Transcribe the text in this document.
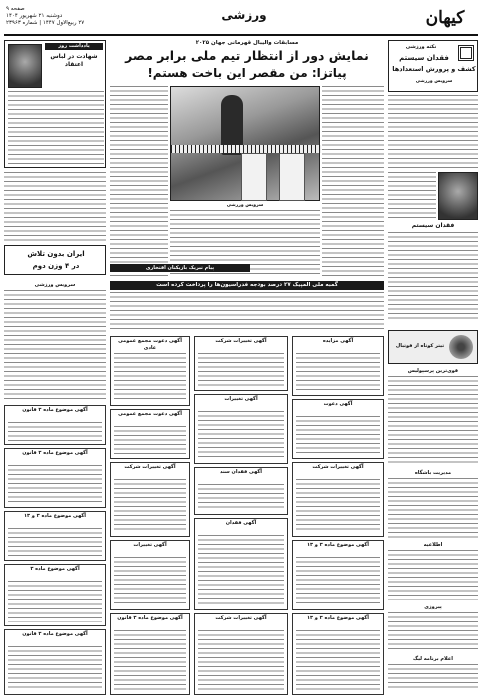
کیهان
ورزشی
صفحه ۹
دوشنبه ۲۱ شهریور ۱۴۰۴
۲۷ ربیع‌الاول ۱۴۴۷ | شماره ۲۳۹۶۳
نکته ورزشی
فقدان سیستم
کشف و پرورش استعدادها
سرویس ورزشی
فقدان سیستم
تیتر کوتاه از فوتبال
قوی‌ترین پرسپولیس
مدیریت باشگاه
اطلاعیه
پیروزی
اعلام برنامه لیگ
مسابقات والیبال قهرمانی جهان ۲۰۲۵
نمایش دور از انتظار تیم ملی برابر مصر
پیاتزا: من مقصر این باخت هستم!
سرویس ورزشی
یادداشت روز
شهادت در لباس اعتقاد
ایران بدون تلاش
در ۴ وزن دوم
گمبه ملی المپیک ۲۷ درصد بودجه فدراسیون‌ها را پرداخت کرده است
پیام تبریک بازیکنان افتخاری
سرویس ورزشی
آگهی موضوع ماده ۳ قانون
آگهی موضوع ماده ۳ قانون
آگهی موضوع ماده ۳ و ۱۳
آگهی موضوع ماده ۳
آگهی موضوع ماده ۳ قانون
آگهی دعوت مجمع عمومی عادی
آگهی تغییرات شرکت	آگهی مزایده
آگهی دعوت مجمع عمومی
آگهی تغییرات
آگهی دعوت
آگهی تغییرات شرکت
آگهی فقدان سند
آگهی تغییرات شرکت
آگهی تغییرات
آگهی فقدان
آگهی موضوع ماده ۳ و ۱۳
آگهی موضوع ماده ۳ قانون	آگهی تغییرات شرکت	آگهی موضوع ماده ۳ و ۱۳
